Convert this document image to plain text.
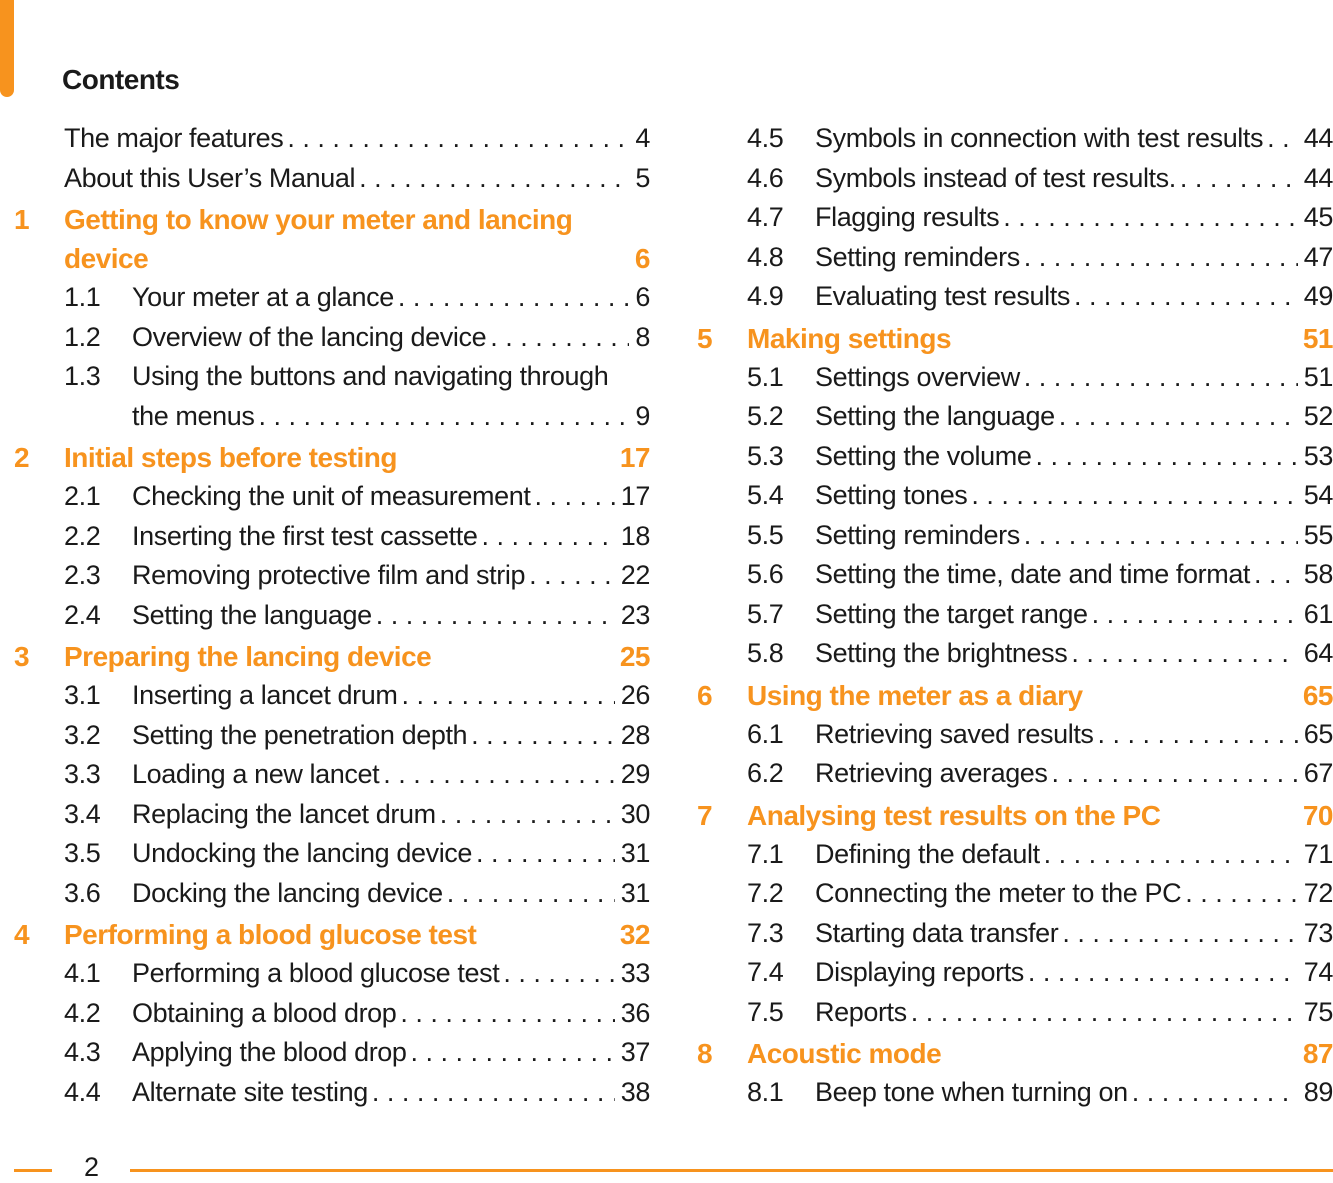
Contents
The major features . . .	4
About this User’s Manual . . .	5
1	Getting to know your meter and lancing
device	6
1.1	Your meter at a glance . . .	6
1.2	Overview of the lancing device . . .	8
1.3	Using the buttons and navigating through
the menus . . .	9
2	Initial steps before testing	17
2.1	Checking the unit of measurement . . .	17
2.2	Inserting the first test cassette . . .	18
2.3	Removing protective film and strip . . .	22
2.4	Setting the language . . .	23
3	Preparing the lancing device	25
3.1	Inserting a lancet drum . . .	26
3.2	Setting the penetration depth . . .	28
3.3	Loading a new lancet . . .	29
3.4	Replacing the lancet drum . . .	30
3.5	Undocking the lancing device . . .	31
3.6	Docking the lancing device . . .	31
4	Performing a blood glucose test	32
4.1	Performing a blood glucose test . . .	33
4.2	Obtaining a blood drop . . .	36
4.3	Applying the blood drop . . .	37
4.4	Alternate site testing . . .	38
4.5	Symbols in connection with test results . . . 44
4.6	Symbols instead of test results. . . .	44
4.7	Flagging results . . .	45
4.8	Setting reminders . . .	47
4.9	Evaluating test results . . .	49
5	Making settings	51
5.1	Settings overview . . .	51
5.2	Setting the language . . .	52
5.3	Setting the volume . . .	53
5.4	Setting tones . . .	54
5.5	Setting reminders . . .	55
5.6	Setting the time, date and time format . . . 58
5.7	Setting the target range . . .	61
5.8	Setting the brightness . . .	64
6	Using the meter as a diary	65
6.1	Retrieving saved results . . .	65
6.2	Retrieving averages . . .	67
7	Analysing test results on the PC	70
7.1	Defining the default . . .	71
7.2	Connecting the meter to the PC . . .	72
7.3	Starting data transfer . . .	73
7.4	Displaying reports . . .	74
7.5	Reports . . .	75
8	Acoustic mode	87
8.1	Beep tone when turning on . . .	89
2
